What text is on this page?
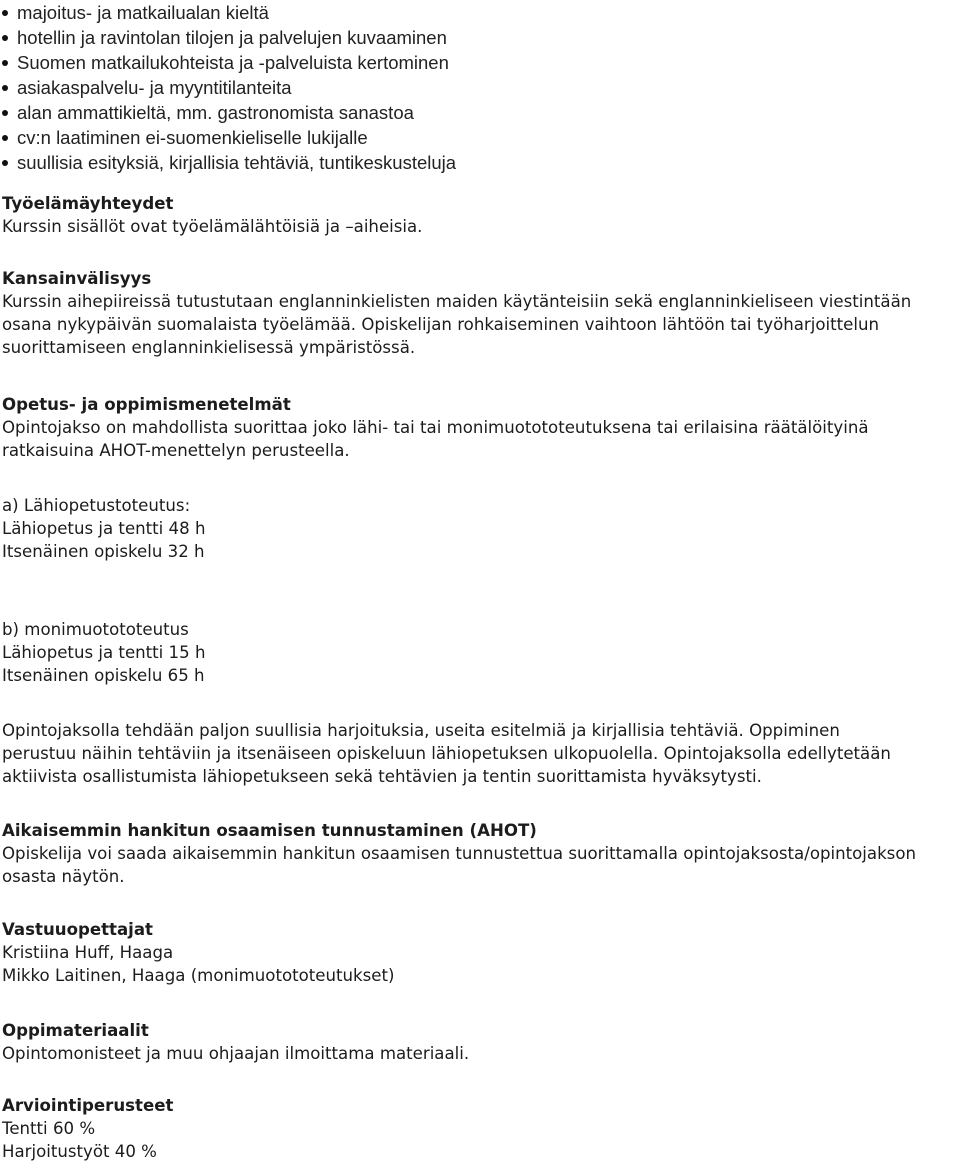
majoitus- ja matkailualan kieltä
hotellin ja ravintolan tilojen ja palvelujen kuvaaminen
Suomen matkailukohteista ja -palveluista kertominen
asiakaspalvelu- ja myyntitilanteita
alan ammattikieltä, mm. gastronomista sanastoa
cv:n laatiminen ei-suomenkieliselle lukijalle
suullisia esityksiä, kirjallisia tehtäviä, tuntikeskusteluja
Työelämäyhteydet
Kurssin sisällöt ovat työelämälähtöisiä ja –aiheisia.
Kansainvälisyys
Kurssin aihepiireissä tutustutaan englanninkielisten maiden käytänteisiin sekä englanninkieliseen viestintään
osana nykypäivän suomalaista työelämää. Opiskelijan rohkaiseminen vaihtoon lähtöön tai työharjoittelun
suorittamiseen englanninkielisessä ympäristössä.
Opetus- ja oppimismenetelmät
Opintojakso on mahdollista suorittaa joko lähi- tai tai monimuotototeutuksena tai erilaisina räätälöityinä
ratkaisuina AHOT-menettelyn perusteella.
a) Lähiopetustoteutus:
Lähiopetus ja tentti 48 h
Itsenäinen opiskelu 32 h
b) monimuotototeutus
Lähiopetus ja tentti 15 h
Itsenäinen opiskelu 65 h
Opintojaksolla tehdään paljon suullisia harjoituksia, useita esitelmiä ja kirjallisia tehtäviä. Oppiminen
perustuu näihin tehtäviin ja itsenäiseen opiskeluun lähiopetuksen ulkopuolella. Opintojaksolla edellytetään
aktiivista osallistumista lähiopetukseen sekä tehtävien ja tentin suorittamista hyväksytysti.
Aikaisemmin hankitun osaamisen tunnustaminen (AHOT)
Opiskelija voi saada aikaisemmin hankitun osaamisen tunnustettua suorittamalla opintojaksosta/opintojakson
osasta näytön.
Vastuuopettajat
Kristiina Huff, Haaga
Mikko Laitinen, Haaga (monimuotototeutukset)
Oppimateriaalit
Opintomonisteet ja muu ohjaajan ilmoittama materiaali.
Arviointiperusteet
Tentti 60 %
Harjoitustyöt 40 %
